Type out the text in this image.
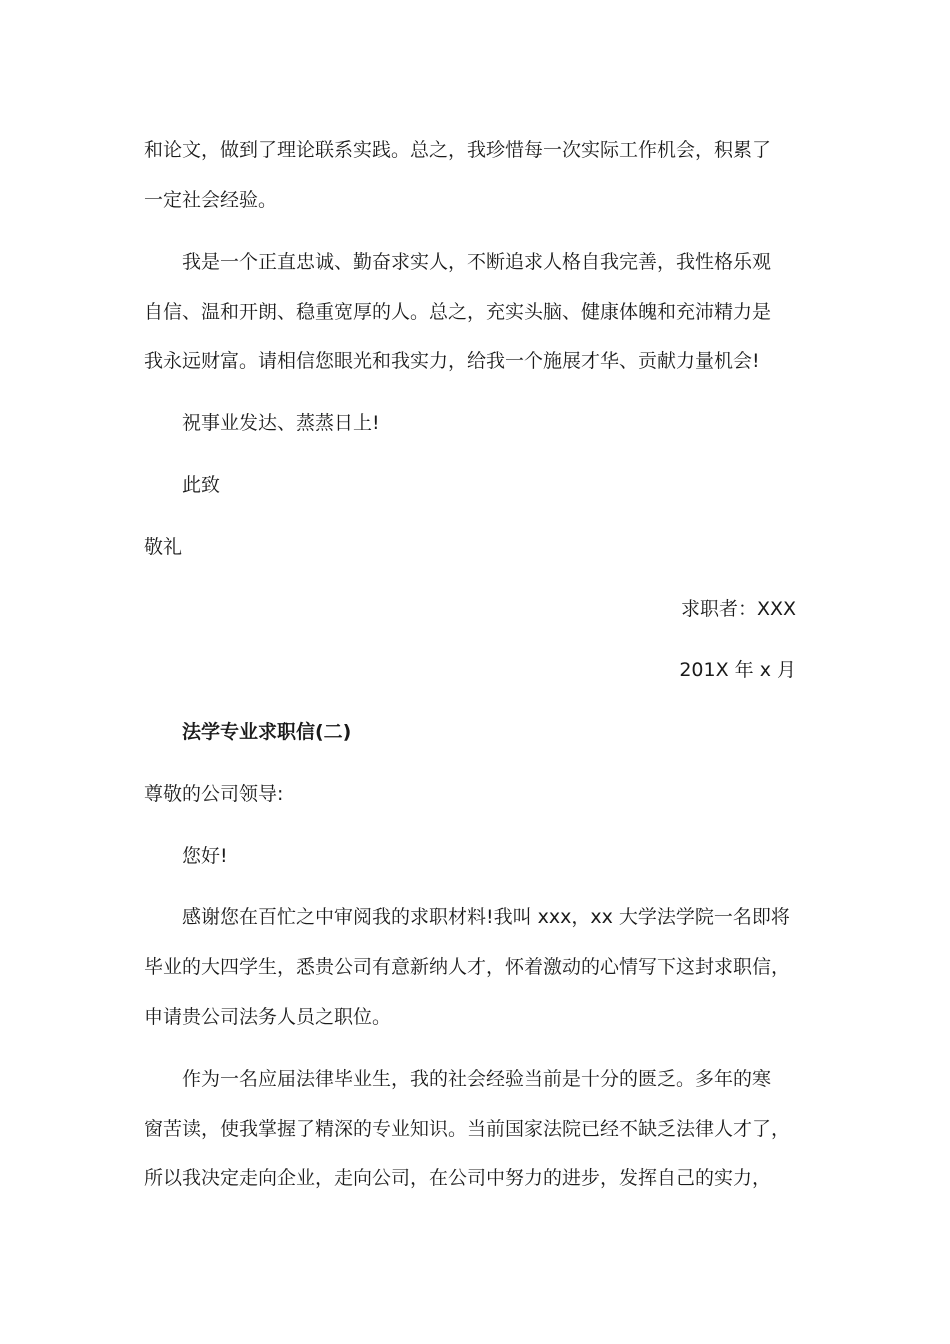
和论文，做到了理论联系实践。总之，我珍惜每一次实际工作机会，积累了
一定社会经验。
我是一个正直忠诚、勤奋求实人，不断追求人格自我完善，我性格乐观
自信、温和开朗、稳重宽厚的人。总之，充实头脑、健康体魄和充沛精力是
我永远财富。请相信您眼光和我实力，给我一个施展才华、贡献力量机会!
祝事业发达、蒸蒸日上!
此致
敬礼
求职者：XXX
201X 年 x 月
法学专业求职信(二)
尊敬的公司领导:
您好!
感谢您在百忙之中审阅我的求职材料!我叫 xxx，xx 大学法学院一名即将
毕业的大四学生，悉贵公司有意新纳人才，怀着激动的心情写下这封求职信，
申请贵公司法务人员之职位。
作为一名应届法律毕业生，我的社会经验当前是十分的匮乏。多年的寒
窗苦读，使我掌握了精深的专业知识。当前国家法院已经不缺乏法律人才了，
所以我决定走向企业，走向公司，在公司中努力的进步，发挥自己的实力，
